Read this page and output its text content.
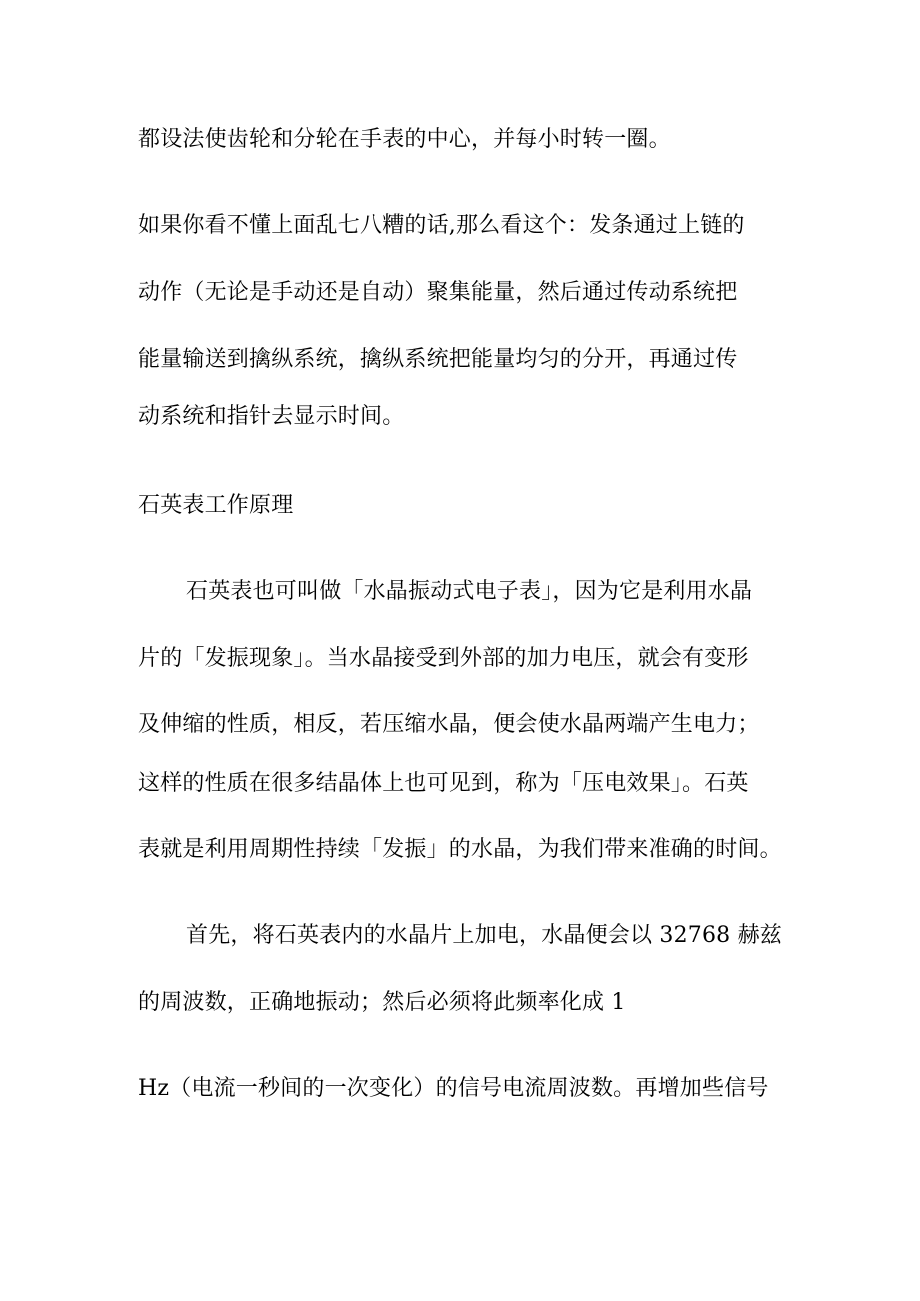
都设法使齿轮和分轮在手表的中心，并每小时转一圈。
如果你看不懂上面乱七八糟的话,那么看这个：发条通过上链的
动作（无论是手动还是自动）聚集能量，然后通过传动系统把
能量输送到擒纵系统，擒纵系统把能量均匀的分开，再通过传
动系统和指针去显示时间。
石英表工作原理
石英表也可叫做「水晶振动式电子表」，因为它是利用水晶
片的「发振现象」。当水晶接受到外部的加力电压，就会有变形
及伸缩的性质，相反，若压缩水晶，便会使水晶两端产生电力；
这样的性质在很多结晶体上也可见到，称为「压电效果」。石英
表就是利用周期性持续「发振」的水晶，为我们带来准确的时间。
首先，将石英表内的水晶片上加电，水晶便会以 32768 赫兹
的周波数，正确地振动；然后必须将此频率化成 1
Hz（电流一秒间的一次变化）的信号电流周波数。再增加些信号
